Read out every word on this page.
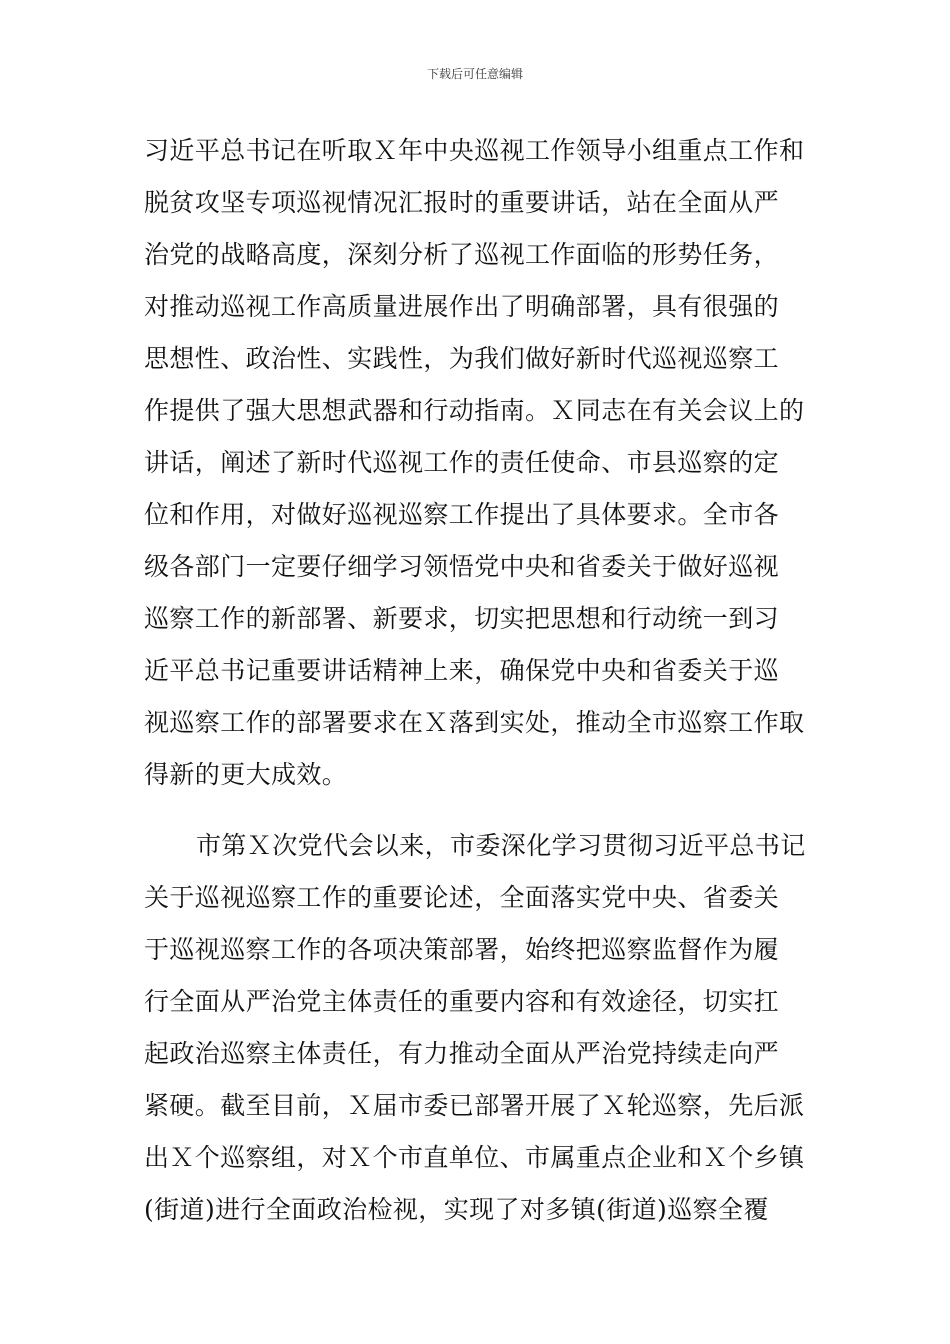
下载后可任意编辑
习近平总书记在听取Ｘ年中央巡视工作领导小组重点工作和
脱贫攻坚专项巡视情况汇报时的重要讲话，站在全面从严
治党的战略高度，深刻分析了巡视工作面临的形势任务，
对推动巡视工作高质量进展作出了明确部署，具有很强的
思想性、政治性、实践性，为我们做好新时代巡视巡察工
作提供了强大思想武器和行动指南。Ｘ同志在有关会议上的
讲话，阐述了新时代巡视工作的责任使命、市县巡察的定
位和作用，对做好巡视巡察工作提出了具体要求。全市各
级各部门一定要仔细学习领悟党中央和省委关于做好巡视
巡察工作的新部署、新要求，切实把思想和行动统一到习
近平总书记重要讲话精神上来，确保党中央和省委关于巡
视巡察工作的部署要求在Ｘ落到实处，推动全市巡察工作取
得新的更大成效。
市第Ｘ次党代会以来，市委深化学习贯彻习近平总书记
关于巡视巡察工作的重要论述，全面落实党中央、省委关
于巡视巡察工作的各项决策部署，始终把巡察监督作为履
行全面从严治党主体责任的重要内容和有效途径，切实扛
起政治巡察主体责任，有力推动全面从严治党持续走向严
紧硬。截至目前，Ｘ届市委已部署开展了Ｘ轮巡察，先后派
出Ｘ个巡察组，对Ｘ个市直单位、市属重点企业和Ｘ个乡镇
(街道)进行全面政治检视，实现了对多镇(街道)巡察全覆
